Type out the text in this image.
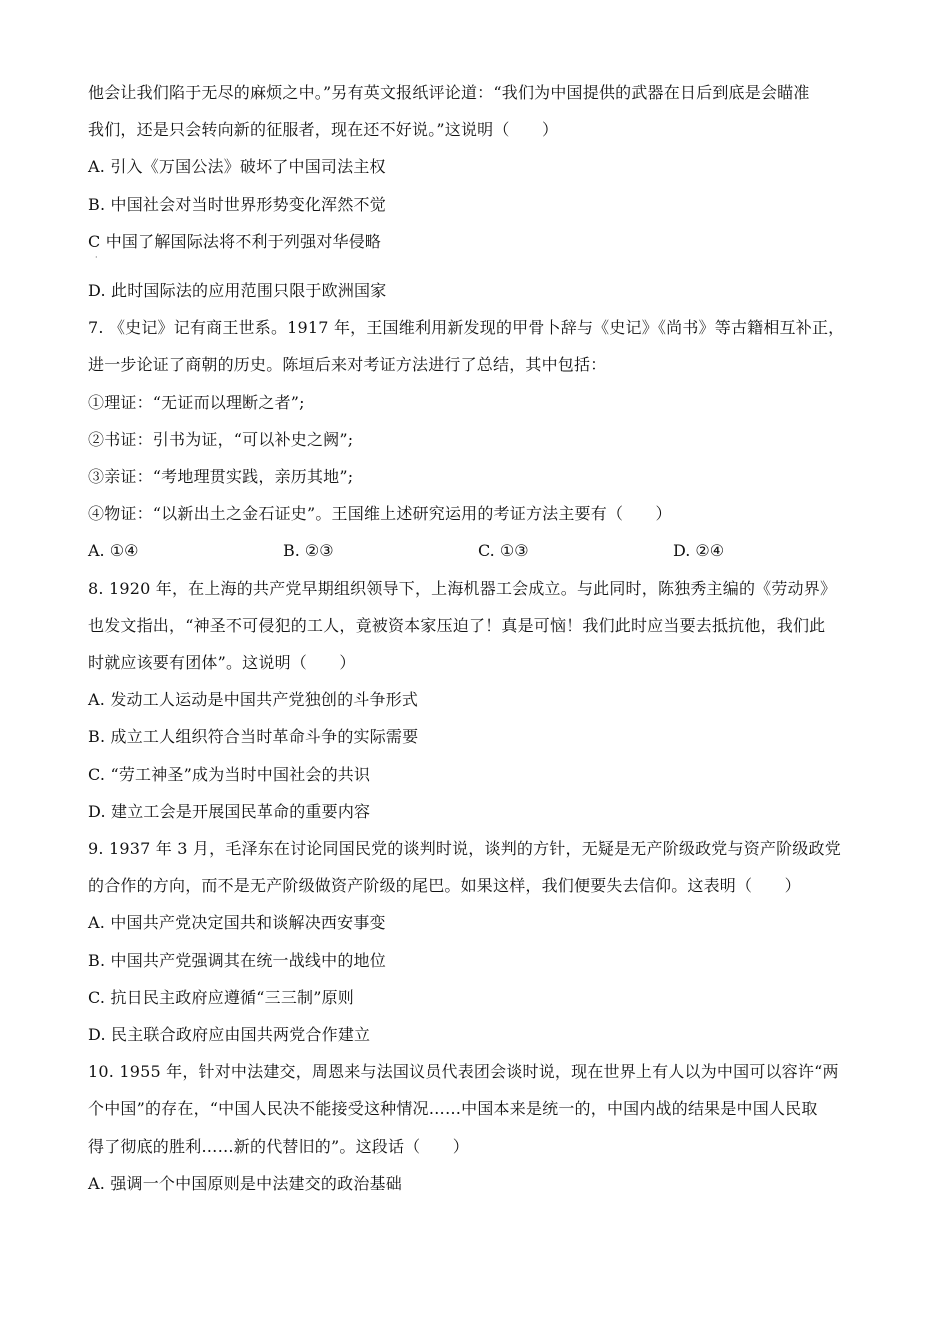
他会让我们陷于无尽的麻烦之中。”另有英文报纸评论道：“我们为中国提供的武器在日后到底是会瞄准
我们，还是只会转向新的征服者，现在还不好说。”这说明（　　）
A. 引入《万国公法》破坏了中国司法主权
B. 中国社会对当时世界形势变化浑然不觉
C 中国了解国际法将不利于列强对华侵略
·
D. 此时国际法的应用范围只限于欧洲国家
7. 《史记》记有商王世系。1917 年，王国维利用新发现的甲骨卜辞与《史记》《尚书》等古籍相互补正，
进一步论证了商朝的历史。陈垣后来对考证方法进行了总结，其中包括：
①理证：“无证而以理断之者”;
②书证：引书为证，“可以补史之阙”;
③亲证：“考地理贯实践，亲历其地”;
④物证：“以新出土之金石证史”。王国维上述研究运用的考证方法主要有（　　）
A. ①④	B. ②③	C. ①③	D. ②④
8. 1920 年，在上海的共产党早期组织领导下，上海机器工会成立。与此同时，陈独秀主编的《劳动界》
也发文指出，“神圣不可侵犯的工人，竟被资本家压迫了！真是可恼！我们此时应当要去抵抗他，我们此
时就应该要有团体”。这说明（　　）
A. 发动工人运动是中国共产党独创的斗争形式
B. 成立工人组织符合当时革命斗争的实际需要
C. “劳工神圣”成为当时中国社会的共识
D. 建立工会是开展国民革命的重要内容
9. 1937 年 3 月，毛泽东在讨论同国民党的谈判时说，谈判的方针，无疑是无产阶级政党与资产阶级政党
的合作的方向，而不是无产阶级做资产阶级的尾巴。如果这样，我们便要失去信仰。这表明（　　）
A. 中国共产党决定国共和谈解决西安事变
B. 中国共产党强调其在统一战线中的地位
C. 抗日民主政府应遵循“三三制”原则
D. 民主联合政府应由国共两党合作建立
10. 1955 年，针对中法建交，周恩来与法国议员代表团会谈时说，现在世界上有人以为中国可以容许“两
个中国”的存在，“中国人民决不能接受这种情况……中国本来是统一的，中国内战的结果是中国人民取
得了彻底的胜利……新的代替旧的”。这段话（　　）
A. 强调一个中国原则是中法建交的政治基础
